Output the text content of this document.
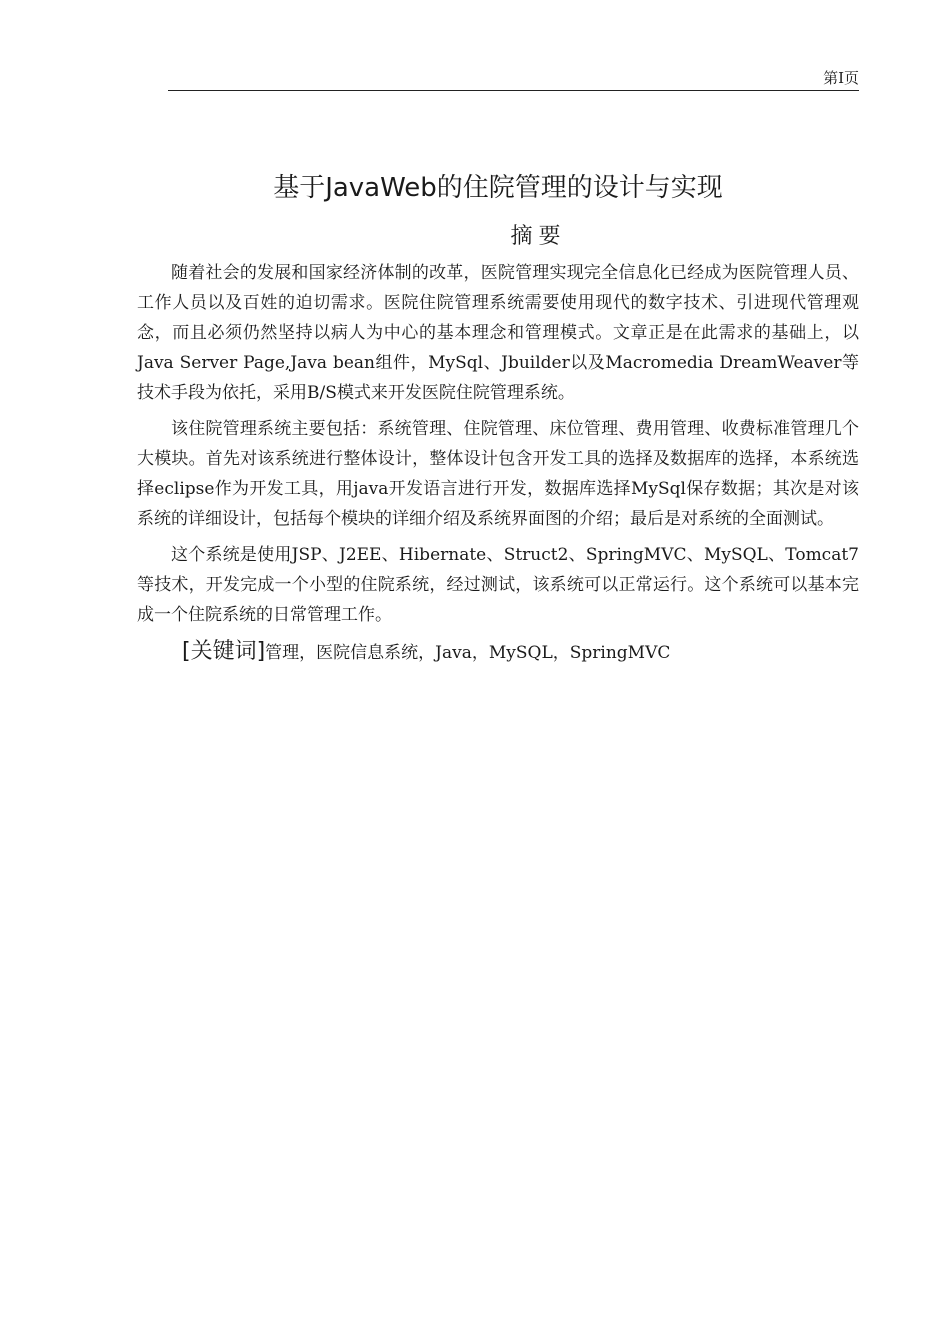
第I页
基于JavaWeb的住院管理的设计与实现
摘要

随着社会的发展和国家经济体制的改革，医院管理实现完全信息化已经成为医院管理人员、工作人员以及百姓的迫切需求。医院住院管理系统需要使用现代的数字技术、引进现代管理观念，而且必须仍然坚持以病人为中心的基本理念和管理模式。文章正是在此需求的基础上，以Java Server Page,Java bean组件，MySql、Jbuilder以及Macromedia DreamWeaver等技术手段为依托，采用B/S模式来开发医院住院管理系统。

该住院管理系统主要包括：系统管理、住院管理、床位管理、费用管理、收费标准管理几个大模块。首先对该系统进行整体设计，整体设计包含开发工具的选择及数据库的选择，本系统选择eclipse作为开发工具，用java开发语言进行开发，数据库选择MySql保存数据；其次是对该系统的详细设计，包括每个模块的详细介绍及系统界面图的介绍；最后是对系统的全面测试。

这个系统是使用JSP、J2EE、Hibernate、Struct2、SpringMVC、MySQL、Tomcat7等技术，开发完成一个小型的住院系统，经过测试，该系统可以正常运行。这个系统可以基本完成一个住院系统的日常管理工作。

[关键词]管理，医院信息系统，Java，MySQL，SpringMVC
